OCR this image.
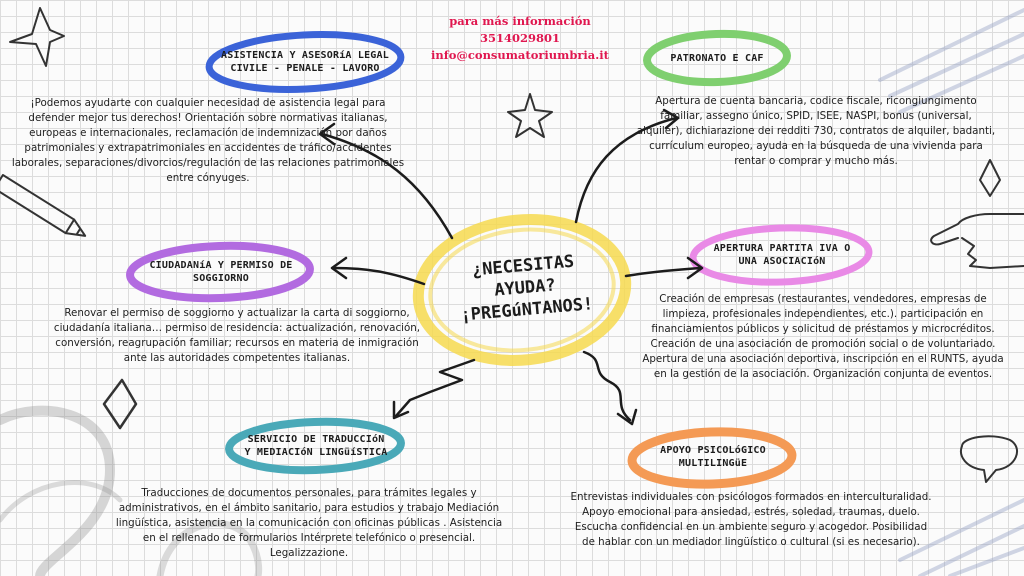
para más información
3514029801
info@consumatoriumbria.it
¿NECESITAS
AYUDA?
¡PREGúNTANOS!
ASISTENCIA Y ASESORíA LEGAL
CIVILE - PENALE - LAVORO
¡Podemos ayudarte con cualquier necesidad de asistencia legal para defender mejor tus derechos! Orientación sobre normativas italianas, europeas e internacionales, reclamación de indemnización por daños patrimoniales y extrapatrimoniales en accidentes de tráfico/accidentes laborales, separaciones/divorcios/regulación de las relaciones patrimoniales entre cónyuges.
PATRONATO E CAF
Apertura de cuenta bancaria, codice fiscale, ricongiungimento familiar, assegno único, SPID, ISEE, NASPI, bonus (universal, alquiler), dichiarazione dei redditi 730, contratos de alquiler, badanti, currículum europeo, ayuda en la búsqueda de una vivienda para rentar o comprar y mucho más.
CIUDADANíA Y PERMISO DE
SOGGIORNO
Renovar el permiso de soggiorno y actualizar la carta di soggiorno, ciudadanía italiana… permiso de residencia: actualización, renovación, conversión, reagrupación familiar; recursos en materia de inmigración ante las autoridades competentes italianas.
APERTURA PARTITA IVA O
UNA ASOCIACIóN
Creación de empresas (restaurantes, vendedores, empresas de limpieza, profesionales independientes, etc.). participación en financiamientos públicos y solicitud de préstamos y microcréditos. Creación de una asociación de promoción social o de voluntariado. Apertura de una asociación deportiva, inscripción en el RUNTS, ayuda en la gestión de la asociación. Organización conjunta de eventos.
SERVICIO DE TRADUCCIóN
Y MEDIACIóN LINGüíSTICA
Traducciones de documentos personales, para trámites legales y administrativos, en el ámbito sanitario, para estudios y trabajo Mediación lingüística, asistencia en la comunicación con oficinas públicas . Asistencia en el rellenado de formularios Intérprete telefónico o presencial. Legalizzazione.
APOYO PSICOLóGICO
MULTILINGüE
Entrevistas individuales con psicólogos formados en interculturalidad. Apoyo emocional para ansiedad, estrés, soledad, traumas, duelo. Escucha confidencial en un ambiente seguro y acogedor. Posibilidad de hablar con un mediador lingüístico o cultural (si es necesario).
